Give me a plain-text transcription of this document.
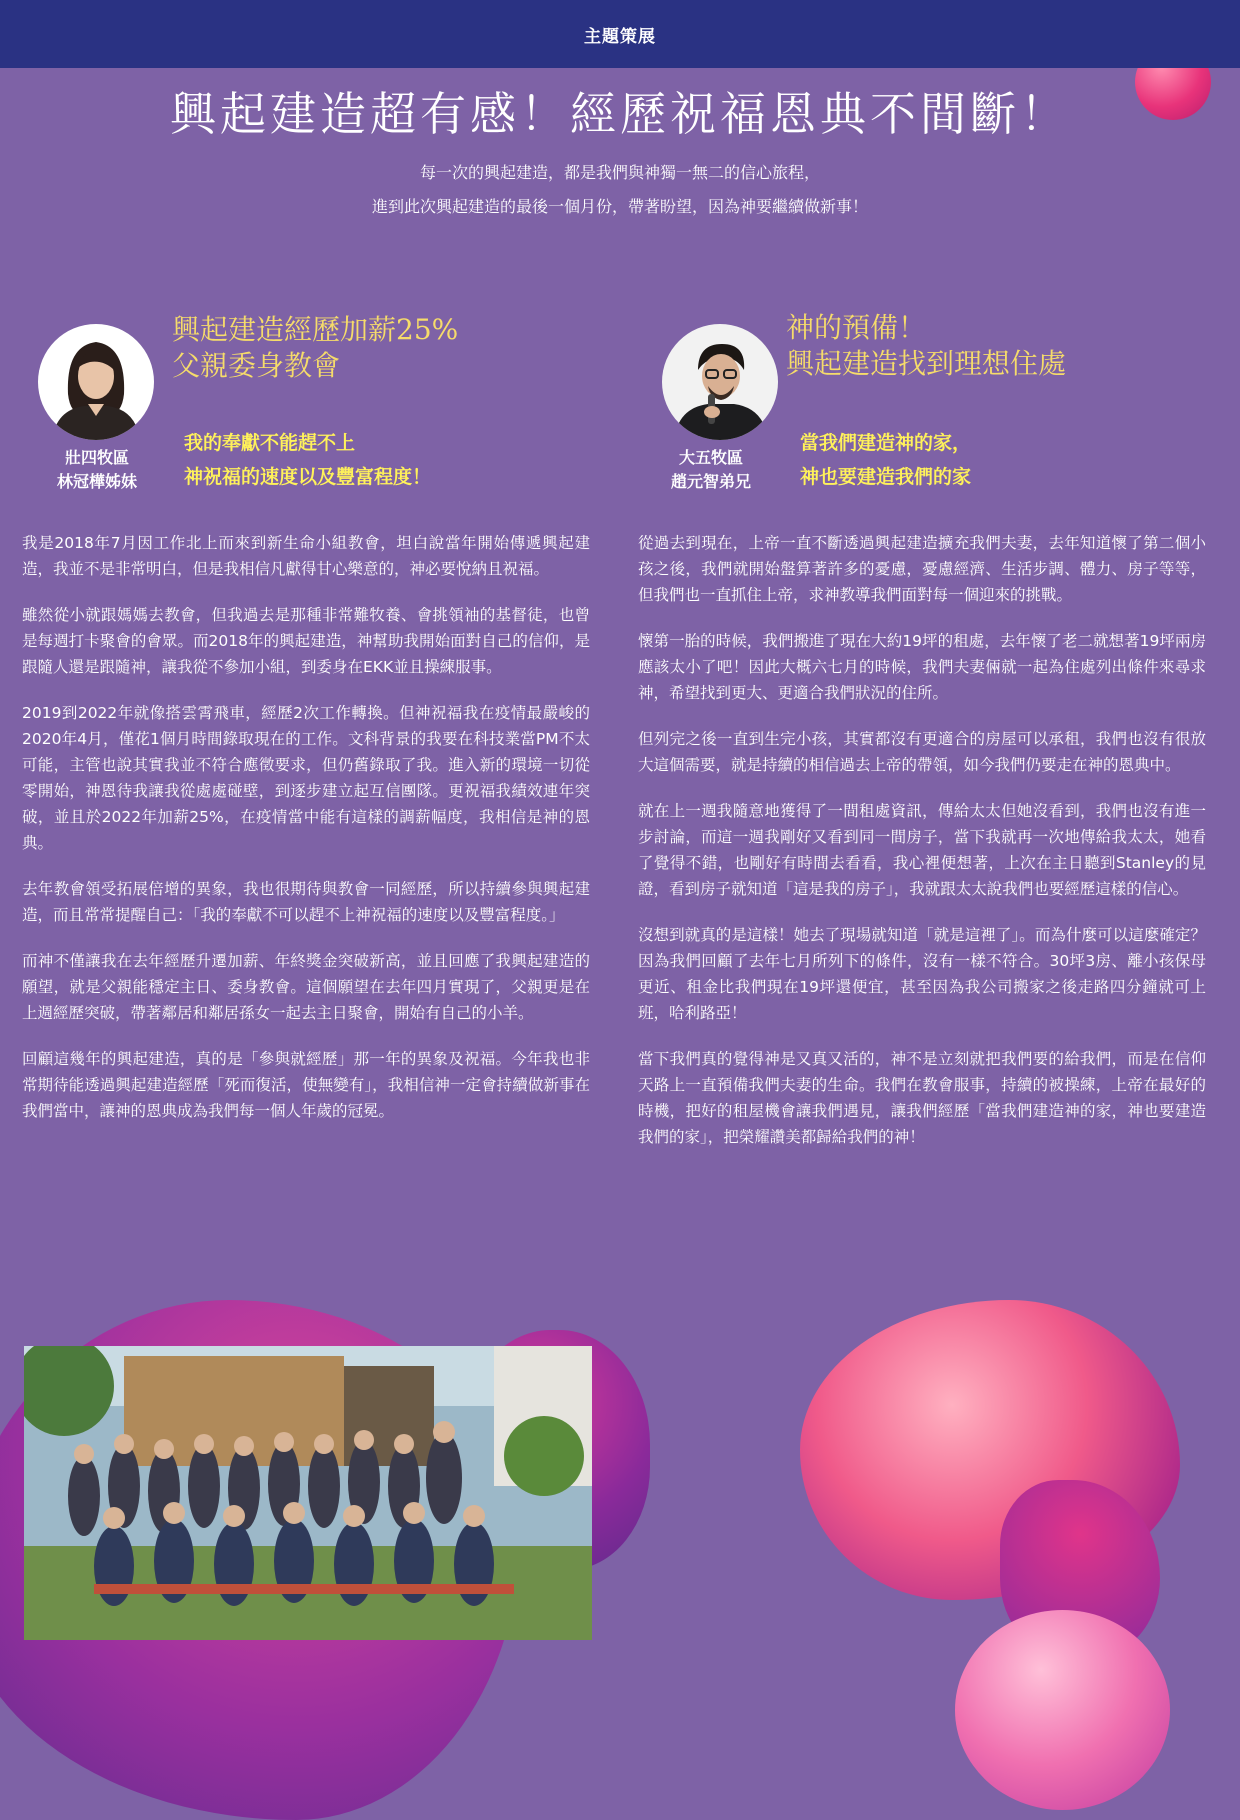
主題策展
興起建造超有感！經歷祝福恩典不間斷！
每一次的興起建造，都是我們與神獨一無二的信心旅程，
進到此次興起建造的最後一個月份，帶著盼望，因為神要繼續做新事！
壯四牧區
林冠樺姊妹
興起建造經歷加薪25%
父親委身教會
我的奉獻不能趕不上
神祝福的速度以及豐富程度！
大五牧區
趙元智弟兄
神的預備！
興起建造找到理想住處
當我們建造神的家，
神也要建造我們的家

我是2018年7月因工作北上而來到新生命小組教會，坦白說當年開始傳遞興起建造，我並不是非常明白，但是我相信凡獻得甘心樂意的，神必要悅納且祝福。

雖然從小就跟媽媽去教會，但我過去是那種非常難牧養、會挑領袖的基督徒，也曾是每週打卡聚會的會眾。而2018年的興起建造，神幫助我開始面對自己的信仰，是跟隨人還是跟隨神，讓我從不參加小組，到委身在EKK並且操練服事。

2019到2022年就像搭雲霄飛車，經歷2次工作轉換。但神祝福我在疫情最嚴峻的2020年4月，僅花1個月時間錄取現在的工作。文科背景的我要在科技業當PM不太可能，主管也說其實我並不符合應徵要求，但仍舊錄取了我。進入新的環境一切從零開始，神恩待我讓我從處處碰壁，到逐步建立起互信團隊。更祝福我績效連年突破，並且於2022年加薪25%，在疫情當中能有這樣的調薪幅度，我相信是神的恩典。

去年教會領受拓展倍增的異象，我也很期待與教會一同經歷，所以持續參與興起建造，而且常常提醒自己：「我的奉獻不可以趕不上神祝福的速度以及豐富程度。」

而神不僅讓我在去年經歷升遷加薪、年終獎金突破新高，並且回應了我興起建造的願望，就是父親能穩定主日、委身教會。這個願望在去年四月實現了，父親更是在上週經歷突破，帶著鄰居和鄰居孫女一起去主日聚會，開始有自己的小羊。

回顧這幾年的興起建造，真的是「參與就經歷」那一年的異象及祝福。今年我也非常期待能透過興起建造經歷「死而復活，使無變有」，我相信神一定會持續做新事在我們當中，讓神的恩典成為我們每一個人年歲的冠冕。

從過去到現在，上帝一直不斷透過興起建造擴充我們夫妻，去年知道懷了第二個小孩之後，我們就開始盤算著許多的憂慮，憂慮經濟、生活步調、體力、房子等等，但我們也一直抓住上帝，求神教導我們面對每一個迎來的挑戰。

懷第一胎的時候，我們搬進了現在大約19坪的租處，去年懷了老二就想著19坪兩房應該太小了吧！因此大概六七月的時候，我們夫妻倆就一起為住處列出條件來尋求神，希望找到更大、更適合我們狀況的住所。

但列完之後一直到生完小孩，其實都沒有更適合的房屋可以承租，我們也沒有很放大這個需要，就是持續的相信過去上帝的帶領，如今我們仍要走在神的恩典中。

就在上一週我隨意地獲得了一間租處資訊，傳給太太但她沒看到，我們也沒有進一步討論，而這一週我剛好又看到同一間房子，當下我就再一次地傳給我太太，她看了覺得不錯，也剛好有時間去看看，我心裡便想著，上次在主日聽到Stanley的見證，看到房子就知道「這是我的房子」，我就跟太太說我們也要經歷這樣的信心。

沒想到就真的是這樣！她去了現場就知道「就是這裡了」。而為什麼可以這麼確定？因為我們回顧了去年七月所列下的條件，沒有一樣不符合。30坪3房、離小孩保母更近、租金比我們現在19坪還便宜，甚至因為我公司搬家之後走路四分鐘就可上班，哈利路亞！

當下我們真的覺得神是又真又活的，神不是立刻就把我們要的給我們，而是在信仰天路上一直預備我們夫妻的生命。我們在教會服事，持續的被操練，上帝在最好的時機，把好的租屋機會讓我們遇見，讓我們經歷「當我們建造神的家，神也要建造我們的家」，把榮耀讚美都歸給我們的神！
